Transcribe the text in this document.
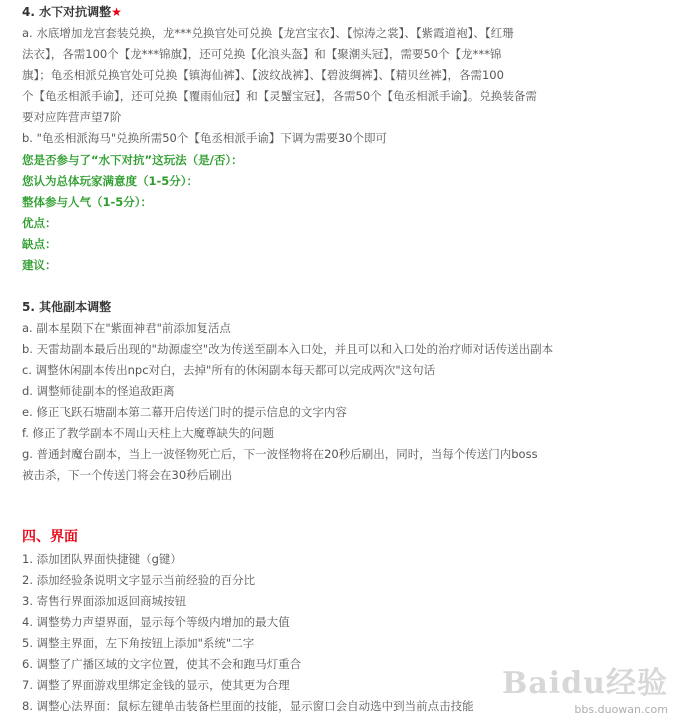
4. 水下对抗调整★
a. 水底增加龙宫套装兑换，龙***兑换官处可兑换【龙宫宝衣】、【惊涛之裳】、【紫霞道袍】、【红珊
法衣】，各需100个【龙***锦旗】，还可兑换【化浪头盔】和【聚潮头冠】，需要50个【龙***锦
旗】；龟丞相派兑换官处可兑换【镇海仙裤】、【波纹战裤】、【碧波绸裤】、【精贝丝裤】，各需100
个【龟丞相派手谕】，还可兑换【覆雨仙冠】和【灵蟹宝冠】，各需50个【龟丞相派手谕】。兑换装备需
要对应阵营声望7阶
b. "龟丞相派海马"兑换所需50个【龟丞相派手谕】下调为需要30个即可
您是否参与了“水下对抗”这玩法（是/否）：
您认为总体玩家满意度（1-5分）：
整体参与人气（1-5分）：
优点：
缺点：
建议：
5. 其他副本调整
a. 副本星陨下在"紫面神君"前添加复活点
b. 天雷劫副本最后出现的"劫源虚空"改为传送至副本入口处，并且可以和入口处的治疗师对话传送出副本
c. 调整休闲副本传出npc对白，去掉"所有的休闲副本每天都可以完成两次"这句话
d. 调整师徒副本的怪追敌距离
e. 修正飞跃石塘副本第二幕开启传送门时的提示信息的文字内容
f. 修正了教学副本不周山天柱上大魔尊缺失的问题
g. 普通封魔台副本，当上一波怪物死亡后，下一波怪物将在20秒后刷出，同时，当每个传送门内boss
被击杀，下一个传送门将会在30秒后刷出
四、界面
1. 添加团队界面快捷键（g键）
2. 添加经验条说明文字显示当前经验的百分比
3. 寄售行界面添加返回商城按钮
4. 调整势力声望界面，显示每个等级内增加的最大值
5. 调整主界面，左下角按钮上添加"系统"二字
6. 调整了广播区域的文字位置，使其不会和跑马灯重合
7. 调整了界面游戏里绑定金钱的显示，使其更为合理
8. 调整心法界面：鼠标左键单击装备栏里面的技能，显示窗口会自动选中到当前点击技能
Baidu经验
bbs.duowan.com
